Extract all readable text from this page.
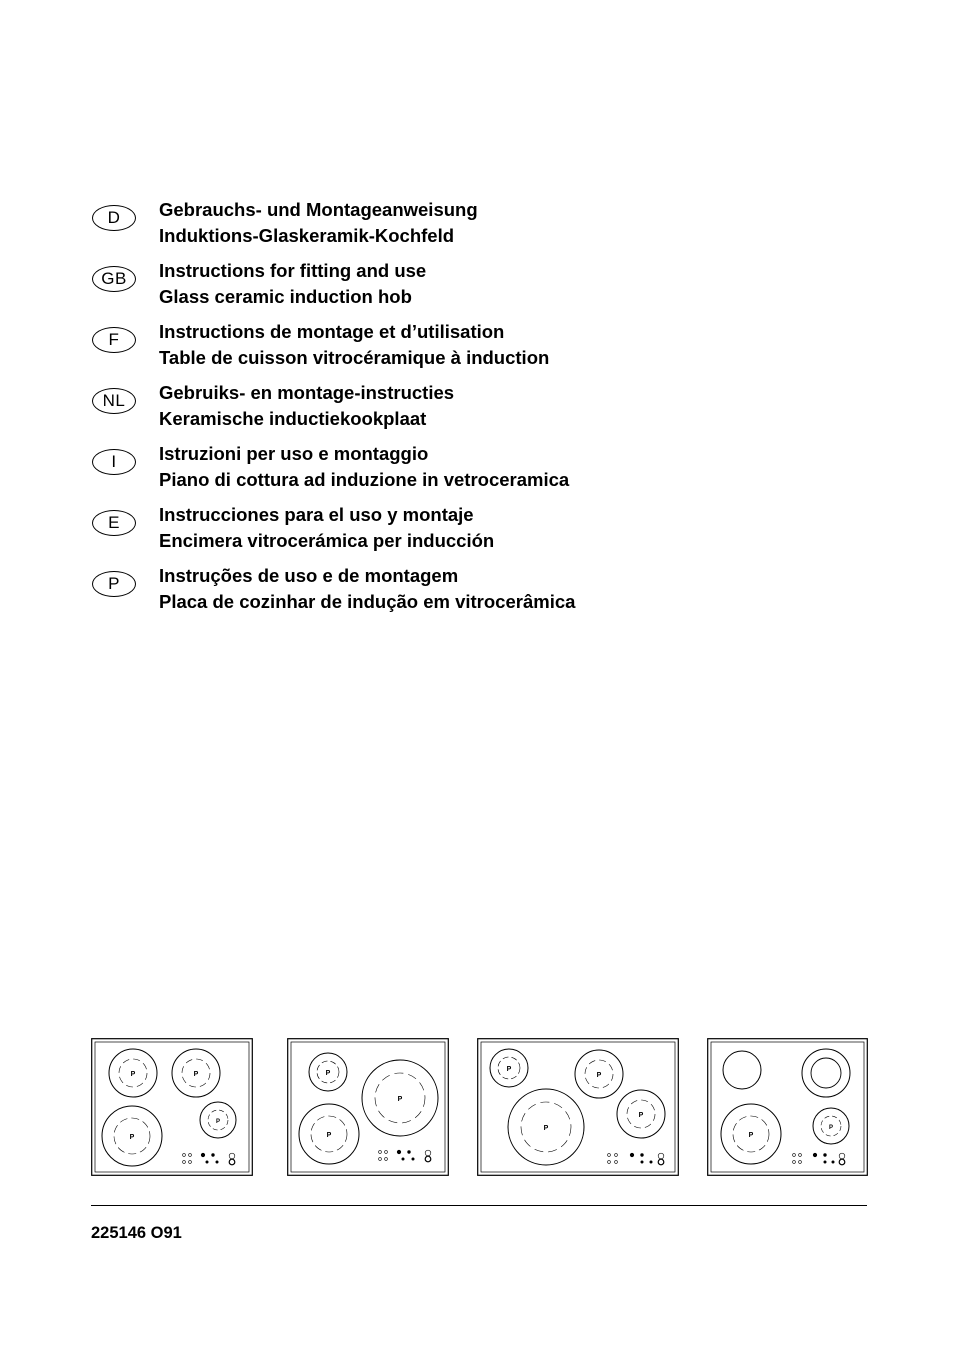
D	Gebrauchs- und Montageanweisung
Induktions-Glaskeramik-Kochfeld
GB	Instructions for fitting and use
Glass ceramic induction hob
F	Instructions de montage et d’utilisation
Table de cuisson vitrocéramique à induction
NL	Gebruiks- en montage-instructies
Keramische inductiekookplaat
I	Istruzioni per uso e montaggio
Piano di cottura ad induzione in vetroceramica
E	Instrucciones para el uso y montaje
Encimera vitrocerámica per inducción
P	Instruções de uso e de montagem
Placa de cozinhar de indução em vitrocerâmica
P	P
P
P
P
P
P
P
P
P
P
P
P
225146 O91
